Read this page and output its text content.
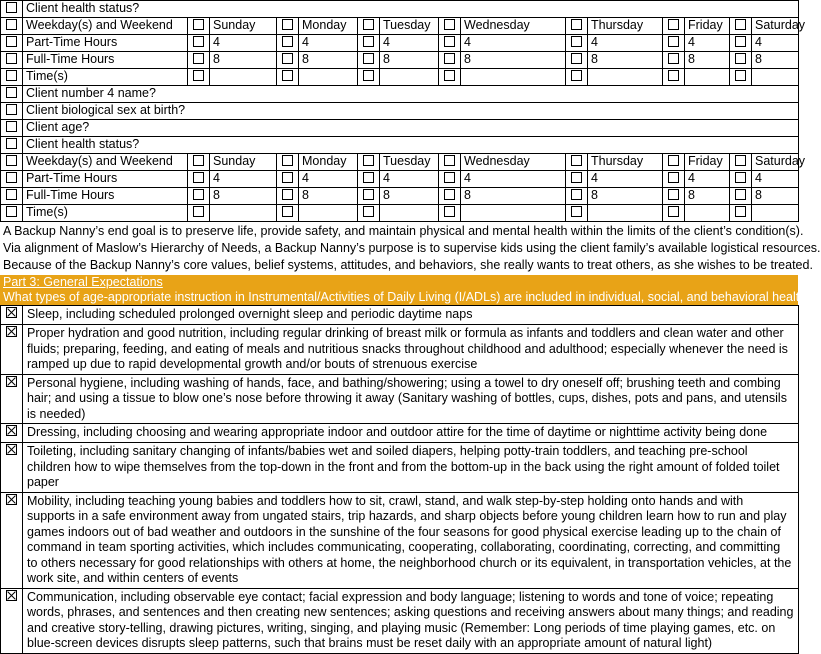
	Client health status?														
	Weekday(s) and Weekend		Sunday		Monday		Tuesday		Wednesday		Thursday		Friday		Saturday
	Part-Time Hours		4		4		4		4		4		4		4
	Full-Time Hours		8		8		8		8		8		8		8
	Time(s)														
	Client number 4 name?														
	Client biological sex at birth?														
	Client age?														
	Client health status?														
	Weekday(s) and Weekend		Sunday		Monday		Tuesday		Wednesday		Thursday		Friday		Saturday
	Part-Time Hours		4		4		4		4		4		4		4
	Full-Time Hours		8		8		8		8		8		8		8
	Time(s)														
A Backup Nanny’s end goal is to preserve life, provide safety, and maintain physical and mental health within the limits of the client’s condition(s).
Via alignment of Maslow’s Hierarchy of Needs, a Backup Nanny’s purpose is to supervise kids using the client family’s available logistical resources.
Because of the Backup Nanny’s core values, belief systems, attitudes, and behaviors, she really wants to treat others, as she wishes to be treated.
Part 3: General Expectations
What types of age-appropriate instruction in Instrumental/Activities of Daily Living (I/ADLs) are included in individual, social, and behavioral health?
	Sleep, including scheduled prolonged overnight sleep and periodic daytime naps
	Proper hydration and good nutrition, including regular drinking of breast milk or formula as infants and toddlers and clean water and other fluids; preparing, feeding, and eating of meals and nutritious snacks throughout childhood and adulthood; especially whenever the need is ramped up due to rapid developmental growth and/or bouts of strenuous exercise
	Personal hygiene, including washing of hands, face, and bathing/showering; using a towel to dry oneself off; brushing teeth and combing hair; and using a tissue to blow one’s nose before throwing it away (Sanitary washing of bottles, cups, dishes, pots and pans, and utensils is needed)
	Dressing, including choosing and wearing appropriate indoor and outdoor attire for the time of daytime or nighttime activity being done
	Toileting, including sanitary changing of infants/babies wet and soiled diapers, helping potty-train toddlers, and teaching pre-school children how to wipe themselves from the top-down in the front and from the bottom-up in the back using the right amount of folded toilet paper
	Mobility, including teaching young babies and toddlers how to sit, crawl, stand, and walk step-by-step holding onto hands and with supports in a safe environment away from ungated stairs, trip hazards, and sharp objects before young children learn how to run and play games indoors out of bad weather and outdoors in the sunshine of the four seasons for good physical exercise leading up to the chain of command in team sporting activities, which includes communicating, cooperating, collaborating, coordinating, correcting, and committing to others necessary for good relationships with others at home, the neighborhood church or its equivalent, in transportation vehicles, at the work site, and within centers of events
	Communication, including observable eye contact; facial expression and body language; listening to words and tone of voice; repeating words, phrases, and sentences and then creating new sentences; asking questions and receiving answers about many things; and reading and creative story-telling, drawing pictures, writing, singing, and playing music (Remember: Long periods of time playing games, etc. on blue-screen devices disrupts sleep patterns, such that brains must be reset daily with an appropriate amount of natural light)
